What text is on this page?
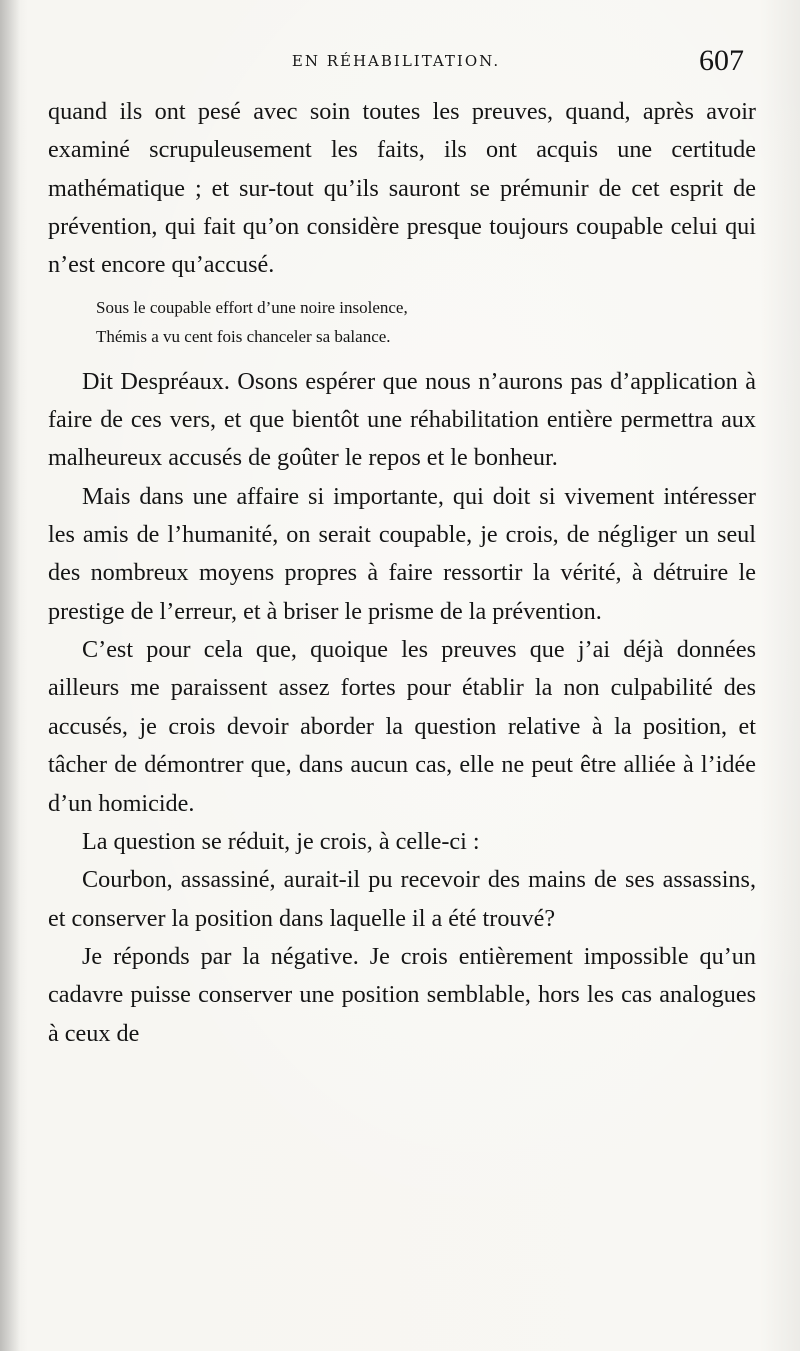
EN RÉHABILITATION.	607

quand ils ont pesé avec soin toutes les preuves, quand, après avoir examiné scrupuleusement les faits, ils ont acquis une certitude mathématique ; et sur-tout qu’ils sauront se prémunir de cet esprit de prévention, qui fait qu’on considère presque toujours coupable celui qui n’est encore qu’accusé.

Sous le coupable effort d’une noire insolence,
Thémis a vu cent fois chanceler sa balance.

Dit Despréaux. Osons espérer que nous n’aurons pas d’application à faire de ces vers, et que bientôt une réhabilitation entière permettra aux malheureux accusés de goûter le repos et le bonheur.

Mais dans une affaire si importante, qui doit si vivement intéresser les amis de l’humanité, on serait coupable, je crois, de négliger un seul des nombreux moyens propres à faire ressortir la vérité, à détruire le prestige de l’erreur, et à briser le prisme de la prévention.

C’est pour cela que, quoique les preuves que j’ai déjà données ailleurs me paraissent assez fortes pour établir la non culpabilité des accusés, je crois devoir aborder la question relative à la position, et tâcher de démontrer que, dans aucun cas, elle ne peut être alliée à l’idée d’un homicide.

La question se réduit, je crois, à celle-ci :

Courbon, assassiné, aurait-il pu recevoir des mains de ses assassins, et conserver la position dans laquelle il a été trouvé?

Je réponds par la négative. Je crois entièrement impossible qu’un cadavre puisse conserver une position semblable, hors les cas analogues à ceux de
